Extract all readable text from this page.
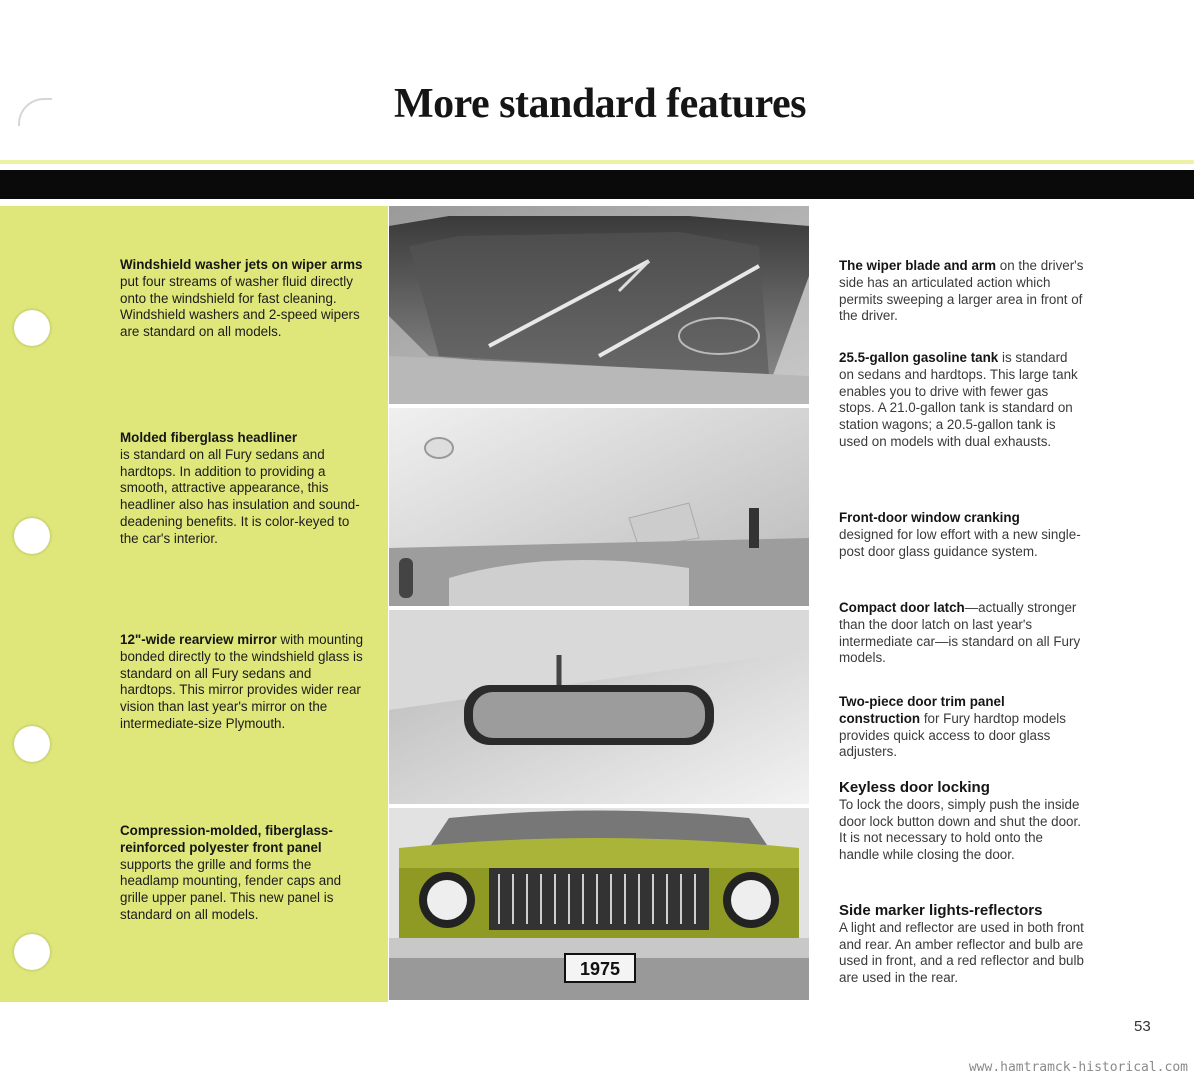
More standard features
Windshield washer jets on wiper arms put four streams of washer fluid directly onto the windshield for fast cleaning. Windshield washers and 2-speed wipers are standard on all models.
Molded fiberglass headliner
is standard on all Fury sedans and hardtops. In addition to providing a smooth, attractive appearance, this headliner also has insulation and sound-deadening benefits. It is color-keyed to the car's interior.
12"-wide rearview mirror with mounting bonded directly to the windshield glass is standard on all Fury sedans and hardtops. This mirror provides wider rear vision than last year's mirror on the intermediate-size Plymouth.
Compression-molded, fiberglass-reinforced polyester front panel
supports the grille and forms the headlamp mounting, fender caps and grille upper panel. This new panel is standard on all models.
1975
The wiper blade and arm on the driver's side has an articulated action which permits sweeping a larger area in front of the driver.
25.5-gallon gasoline tank is standard on sedans and hardtops. This large tank enables you to drive with fewer gas stops. A 21.0-gallon tank is standard on station wagons; a 20.5-gallon tank is used on models with dual exhausts.
Front-door window cranking
designed for low effort with a new single-post door glass guidance system.
Compact door latch—actually stronger than the door latch on last year's intermediate car—is standard on all Fury models.
Two-piece door trim panel construction for Fury hardtop models provides quick access to door glass adjusters.
Keyless door locking
To lock the doors, simply push the inside door lock button down and shut the door. It is not necessary to hold onto the handle while closing the door.
Side marker lights-reflectors
A light and reflector are used in both front and rear. An amber reflector and bulb are used in front, and a red reflector and bulb are used in the rear.
53
www.hamtramck-historical.com
